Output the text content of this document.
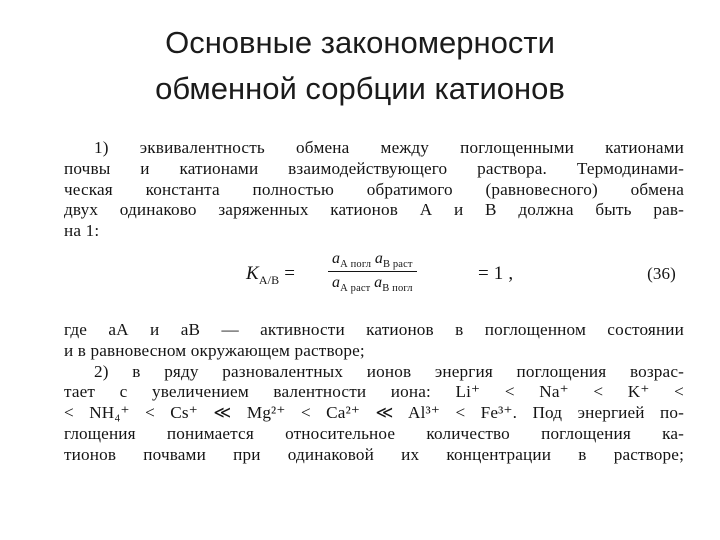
Основные закономерности
обменной сорбции катионов
1) эквивалентность обмена между поглощенными катионами
почвы и катионами взаимодействующего раствора. Термодинами-
ческая константа полностью обратимого (равновесного) обмена
двух одинаково заряженных катионов А и В должна быть рав-
на 1:
$K_{А/В}$ =
$a_{А погл}$ $a_{В раст}$
$a_{А раст}$ $a_{В погл}$
= 1 ,	(36)
где aА и aВ — активности катионов в поглощенном состоянии
и в равновесном окружающем растворе;
2) в ряду разновалентных ионов энергия поглощения возрас-
тает с увеличением валентности иона: Li⁺ < Na⁺ < K⁺ <
< NH₄⁺ < Cs⁺ ≪ Mg²⁺ < Ca²⁺ ≪ Al³⁺ < Fe³⁺. Под энергией по-
глощения понимается относительное количество поглощения ка-
тионов почвами при одинаковой их концентрации в растворе;
